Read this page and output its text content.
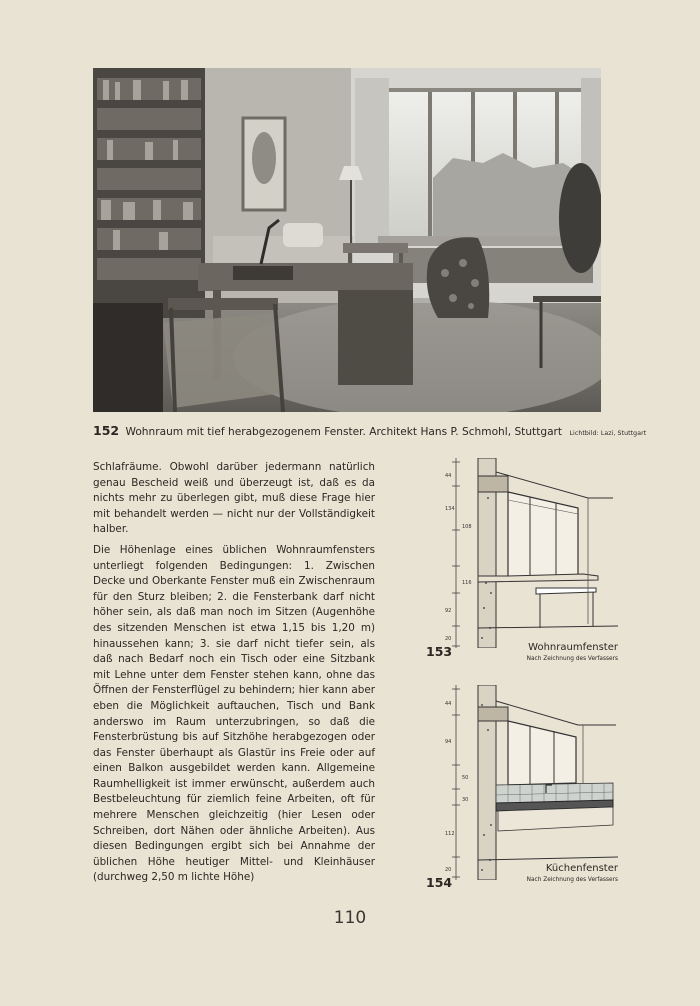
152 Wohnraum mit tief herabgezogenem Fenster. Architekt Hans P. Schmohl, Stuttgart Lichtbild: Lazi, Stuttgart

Schlafräume. Obwohl darüber jedermann natürlich genau Bescheid weiß und überzeugt ist, daß es da nichts mehr zu überlegen gibt, muß diese Frage hier mit behandelt werden — nicht nur der Vollständigkeit halber.

Die Höhenlage eines üblichen Wohnraumfensters unterliegt folgenden Bedingungen: 1. Zwischen Decke und Oberkante Fenster muß ein Zwischenraum für den Sturz bleiben; 2. die Fensterbank darf nicht höher sein, als daß man noch im Sitzen (Augenhöhe des sitzenden Menschen ist etwa 1,15 bis 1,20 m) hinaussehen kann; 3. sie darf nicht tiefer sein, als daß nach Bedarf noch ein Tisch oder eine Sitzbank mit Lehne unter dem Fenster stehen kann, ohne das Öffnen der Fensterflügel zu behindern; hier kann aber eben die Möglichkeit auftauchen, Tisch und Bank anderswo im Raum unterzubringen, so daß die Fensterbrüstung bis auf Sitzhöhe herabgezogen oder das Fenster überhaupt als Glastür ins Freie oder auf einen Balkon ausgebildet werden kann. Allgemeine Raumhelligkeit ist immer erwünscht, außerdem auch Bestbeleuchtung für ziemlich feine Arbeiten, oft für mehrere Menschen gleichzeitig (hier Lesen oder Schreiben, dort Nähen oder ähnliche Arbeiten). Aus diesen Bedingungen ergibt sich bei Annahme der üblichen Höhe heutiger Mittel- und Kleinhäuser (durchweg 2,50 m lichte Höhe)

44
134
108
116
92
20
153	Wohnraumfenster
Nach Zeichnung des Verfassers
44
94
50
30
112
20
154
Küchenfenster
Nach Zeichnung des Verfassers
110
